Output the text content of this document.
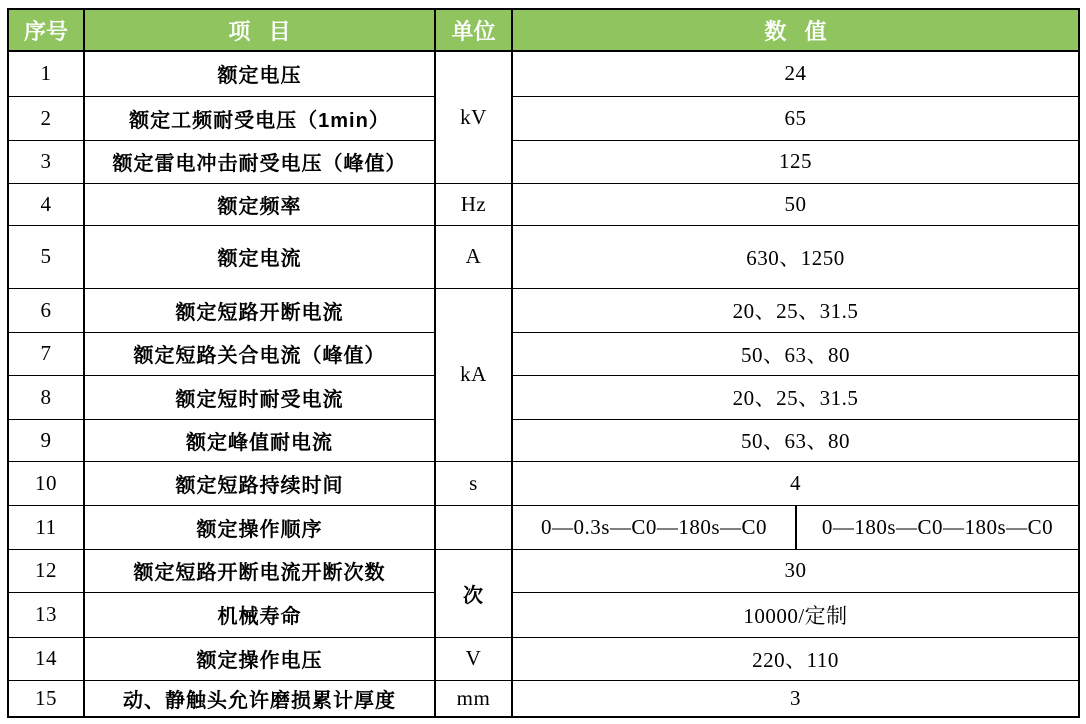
序号	项   目	单位	数   值	
1	额定电压	kV	24	
2	额定工频耐受电压（1min）		65	
3	额定雷电冲击耐受电压（峰值）		125	
4	额定频率	Hz	50	
5	额定电流	A	630、1250	
6	额定短路开断电流	kA	20、25、31.5	
7	额定短路关合电流（峰值）		50、63、80	
8	额定短时耐受电流		20、25、31.5	
9	额定峰值耐电流		50、63、80	
10	额定短路持续时间	s	4	
11	额定操作顺序		0—0.3s—C0—180s—C0	0—180s—C0—180s—C0
12	额定短路开断电流开断次数	次	30	
13	机械寿命		10000/定制	
14	额定操作电压	V	220、110	
15	动、静触头允许磨损累计厚度	mm	3	
